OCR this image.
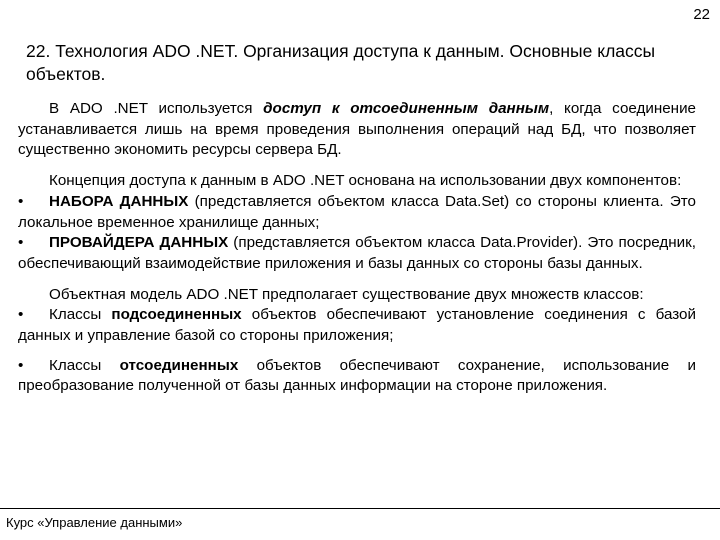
22
22. Технология ADO .NET. Организация доступа к данным. Основные классы объектов.

В ADO .NET используется доступ к отсоединенным данным, когда соединение устанавливается лишь на время проведения выполнения операций над БД, что позволяет существенно экономить ресурсы сервера БД.

Концепция доступа к данным в ADO .NET основана на использовании двух компонентов:
• НАБОРА ДАННЫХ (представляется объектом класса Data.Set) со стороны клиента. Это локальное временное хранилище данных;
• ПРОВАЙДЕРА ДАННЫХ (представляется объектом класса Data.Provider). Это посредник, обеспечивающий взаимодействие приложения и базы данных со стороны базы данных.

Объектная модель ADO .NET предполагает существование двух множеств классов:
• Классы подсоединенных объектов обеспечивают установление соединения с базой данных и управление базой со стороны приложения;

• Классы отсоединенных объектов обеспечивают сохранение, использование и преобразование полученной от базы данных информации на стороне приложения.

Курс «Управление данными»
